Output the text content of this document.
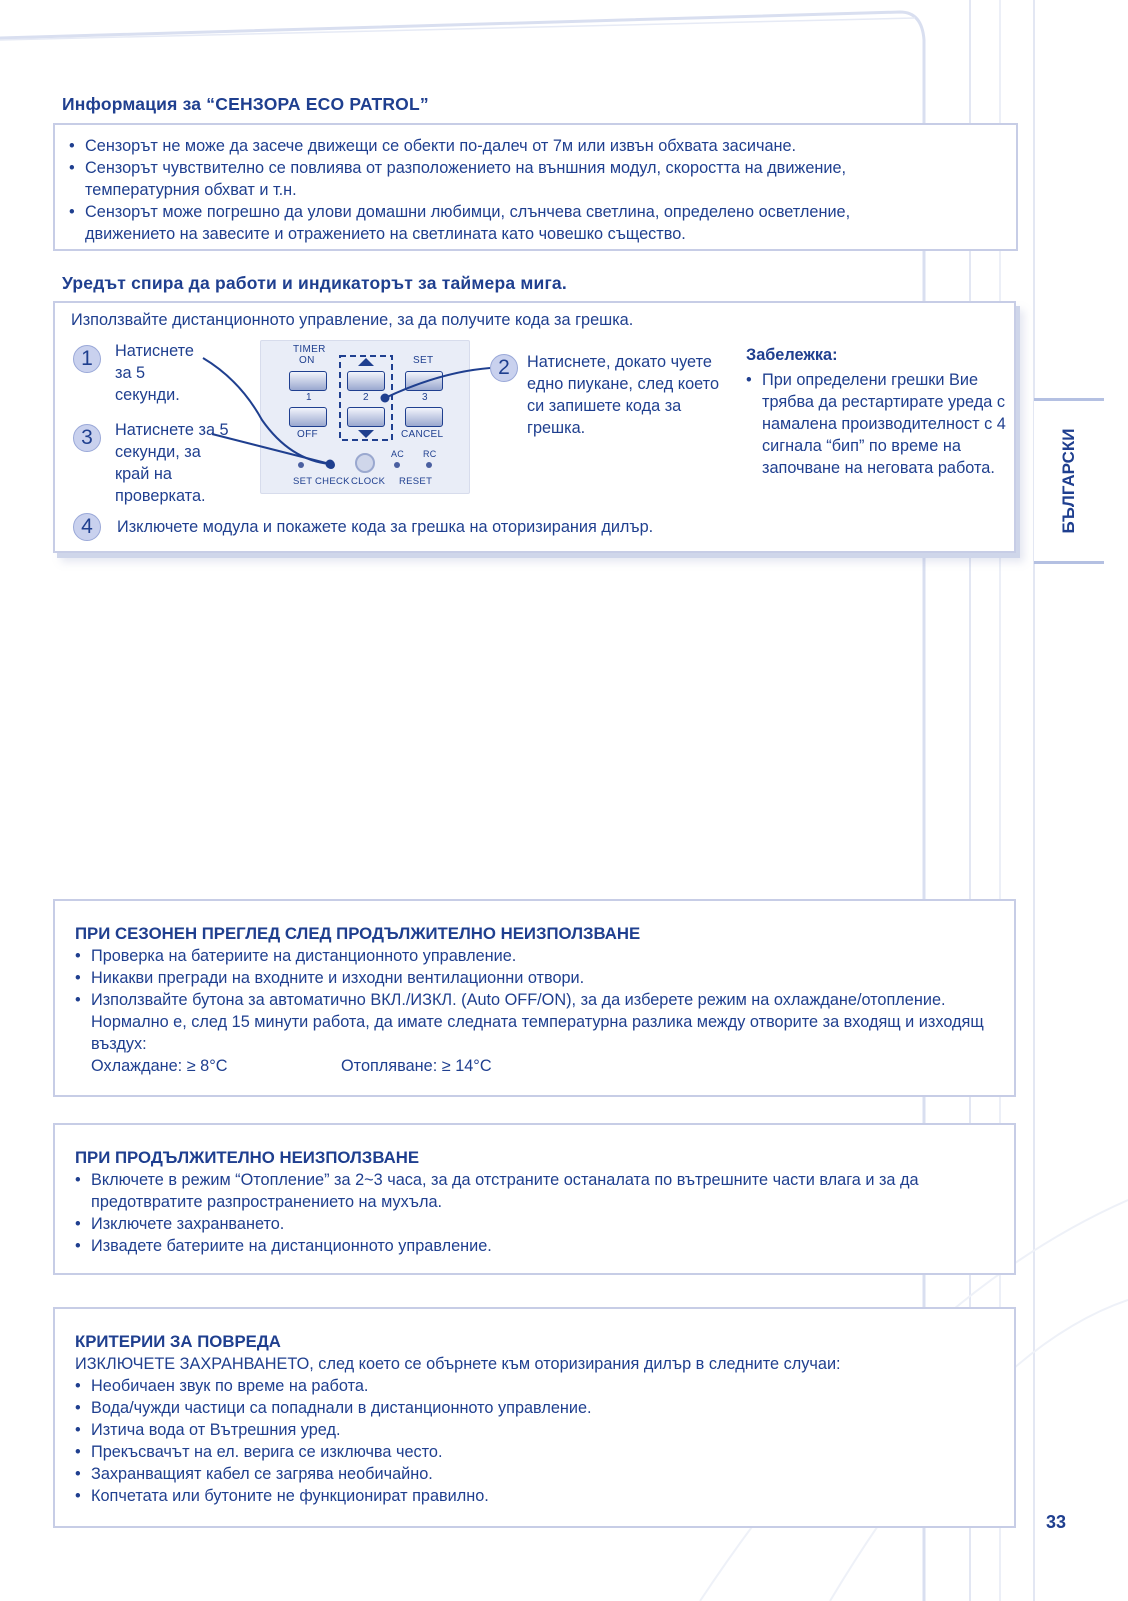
Информация за “СЕНЗОРА ECO PATROL”
• Сензорът не може да засече движещи се обекти по-далеч от 7м или извън обхвата засичане.
• Сензорът чувствително се повлиява от разположението на външния модул, скоростта на движение, температурния обхват и т.н.
• Сензорът може погрешно да улови домашни любимци, слънчева светлина, определено осветление, движението на завесите и отражението на светлината като човешко същество.
Уредът спира да работи и индикаторът за таймера мига.
Използвайте дистанционното управление, за да получите кода за грешка.
1	Натиснете за 5 секунди.
3	Натиснете за 5 секунди, за край на проверката.
TIMER
ON	SET
1	2	3
OFF	CANCEL
AC RC
SET CHECK CLOCK RESET
2	Натиснете, докато чуете едно пиукане, след което си запишете кода за грешка.
Забележка:
• При определени грешки Вие трябва да рестартирате уреда с намалена производителност с 4 сигнала “бип” по време на започване на неговата работа.
4	Изключете модула и покажете кода за грешка на оторизирания дилър.	БЪЛГАРСКИ
ПРИ СЕЗОНЕН ПРЕГЛЕД СЛЕД ПРОДЪЛЖИТЕЛНО НЕИЗПОЛЗВАНЕ
• Проверка на батериите на дистанционното управление.
• Никакви прегради на входните и изходни вентилационни отвори.
• Използвайте бутона за автоматично ВКЛ./ИЗКЛ. (Auto OFF/ON), за да изберете режим на охлаждане/отопление. Нормално е, след 15 минути работа, да имате следната температурна разлика между отворите за входящ и изходящ въздух:
Охлаждане: ≥ 8°C	Отопляване: ≥ 14°C
ПРИ ПРОДЪЛЖИТЕЛНО НЕИЗПОЛЗВАНЕ
• Включете в режим “Отопление” за 2~3 часа, за да отстраните останалата по вътрешните части влага и за да предотвратите разпространението на мухъла.
• Изключете захранването.
• Извадете батериите на дистанционното управление.
КРИТЕРИИ ЗА ПОВРЕДА
ИЗКЛЮЧЕТЕ ЗАХРАНВАНЕТО, след което се обърнете към оторизирания дилър в следните случаи:
• Необичаен звук по време на работа.
• Вода/чужди частици са попаднали в дистанционното управление.
• Изтича вода от Вътрешния уред.
• Прекъсвачът на ел. верига се изключва често.
• Захранващият кабел се загрява необичайно.
• Копчетата или бутоните не функционират правилно.
33
